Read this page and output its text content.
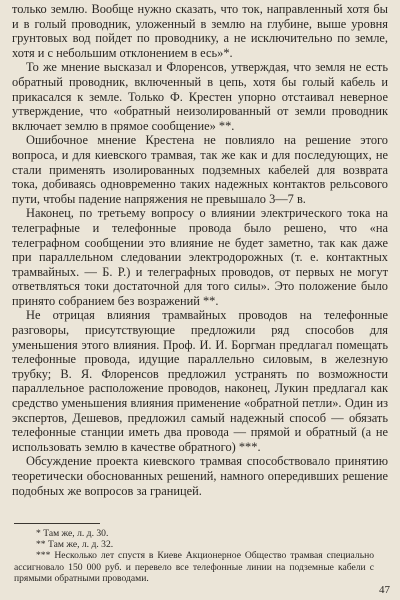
только землю. Вообще нужно сказать, что ток, направленный хотя бы и в голый проводник, уложенный в землю на глубине, выше уровня грунтовых вод пойдет по проводнику, а не исключительно по земле, хотя и с небольшим отклонением в есь»*.

То же мнение высказал и Флоренсов, утверждая, что земля не есть обратный проводник, включенный в цепь, хотя бы голый кабель и прикасался к земле. Только Ф. Крестен упорно отстаивал неверное утверждение, что «обратный неизолированный от земли проводник включает землю в прямое сообщение» **.

Ошибочное мнение Крестена не повлияло на решение этого вопроса, и для киевского трамвая, так же как и для последующих, не стали применять изолированных подземных кабелей для возврата тока, добиваясь одновременно таких надежных контактов рельсового пути, чтобы падение напряжения не превышало 3—7 в.

Наконец, по третьему вопросу о влиянии электрического тока на телеграфные и телефонные провода было решено, что «на телеграфном сообщении это влияние не будет заметно, так как даже при параллельном следовании электродорожных (т. е. контактных трамвайных. — Б. Р.) и телеграфных проводов, от первых не могут ответвляться токи достаточной для того силы». Это положение было принято собранием без возражений **.

Не отрицая влияния трамвайных проводов на телефонные разговоры, присутствующие предложили ряд способов для уменьшения этого влияния. Проф. И. И. Боргман предлагал помещать телефонные провода, идущие параллельно силовым, в железную трубку; В. Я. Флоренсов предложил устранять по возможности параллельное расположение проводов, наконец, Лукин предлагал как средство уменьшения влияния применение «обратной петли». Один из экспертов, Дешевов, предложил самый надежный способ — обязать телефонные станции иметь два провода — прямой и обратный (а не использовать землю в качестве обратного) ***.

Обсуждение проекта киевского трамвая способствовало принятию теоретически обоснованных решений, намного опередивших решение подобных же вопросов за границей.

* Там же, л. д. 30.

** Там же, л. д. 32.

*** Несколько лет спустя в Киеве Акционерное Общество трамвая специально ассигновало 150 000 руб. и перевело все телефонные линии на подземные кабели с прямыми обратными проводами.

47
